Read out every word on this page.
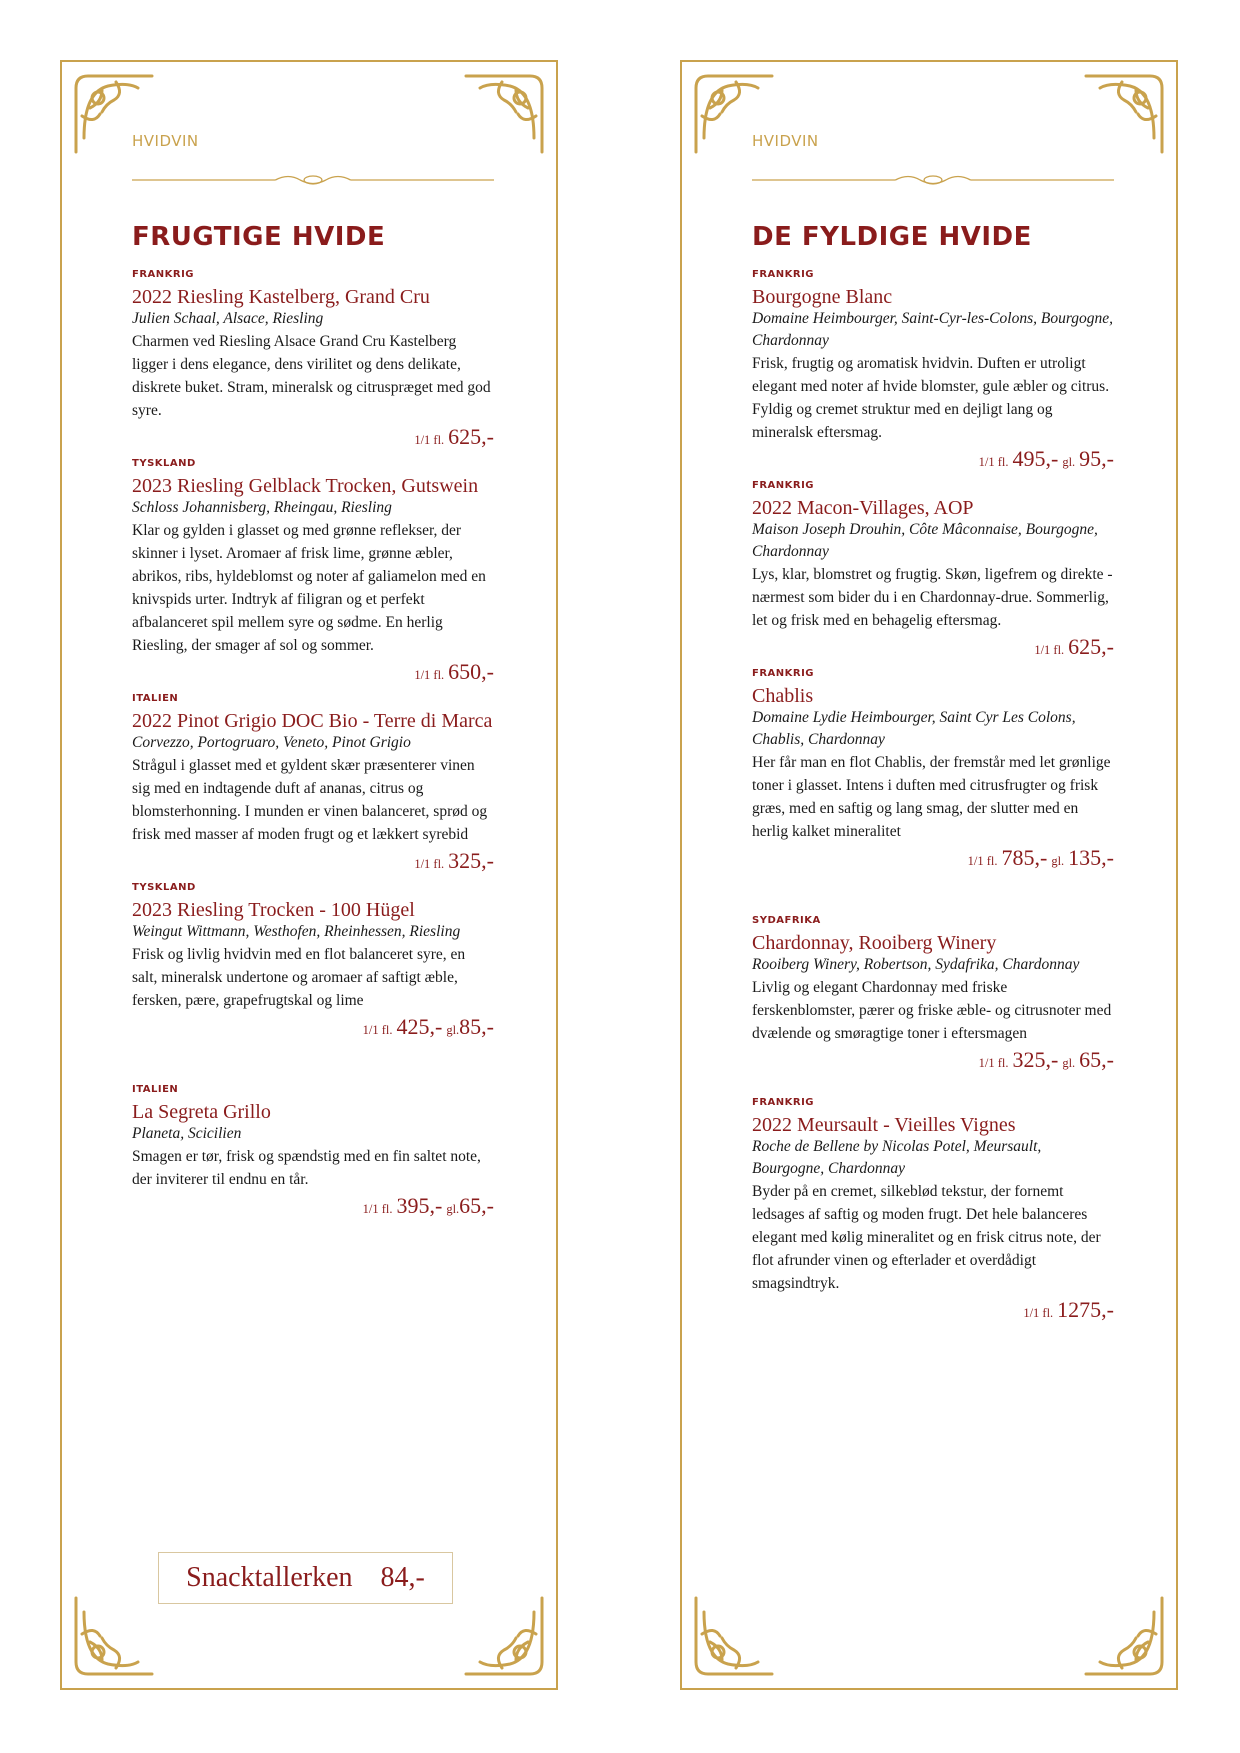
HVIDVIN
FRUGTIGE HVIDE
FRANKRIG
2022 Riesling Kastelberg, Grand Cru
Julien Schaal, Alsace, Riesling
Charmen ved Riesling Alsace Grand Cru Kastelberg ligger i dens elegance, dens virilitet og dens delikate, diskrete buket. Stram, mineralsk og citruspræget med god syre.
1/1 fl. 625,-
TYSKLAND
2023 Riesling Gelblack Trocken, Gutswein
Schloss Johannisberg, Rheingau, Riesling
Klar og gylden i glasset og med grønne reflekser, der skinner i lyset. Aromaer af frisk lime, grønne æbler, abrikos, ribs, hyldeblomst og noter af galiamelon med en knivspids urter. Indtryk af filigran og et perfekt afbalanceret spil mellem syre og sødme. En herlig Riesling, der smager af sol og sommer.
1/1 fl. 650,-
ITALIEN
2022 Pinot Grigio DOC Bio - Terre di Marca
Corvezzo, Portogruaro, Veneto, Pinot Grigio
Strågul i glasset med et gyldent skær præsenterer vinen sig med en indtagende duft af ananas, citrus og blomsterhonning. I munden er vinen balanceret, sprød og frisk med masser af moden frugt og et lækkert syrebid
1/1 fl. 325,-
TYSKLAND
2023 Riesling Trocken - 100 Hügel
Weingut Wittmann, Westhofen, Rheinhessen, Riesling
Frisk og livlig hvidvin med en flot balanceret syre, en salt, mineralsk undertone og aromaer af saftigt æble, fersken, pære, grapefrugtskal og lime
1/1 fl. 425,- gl.85,-
ITALIEN
La Segreta Grillo
Planeta, Scicilien
Smagen er tør, frisk og spændstig med en fin saltet note, der inviterer til endnu en tår.
1/1 fl. 395,- gl.65,-
Snacktallerken 84,-
HVIDVIN
DE FYLDIGE HVIDE
FRANKRIG
Bourgogne Blanc
Domaine Heimbourger, Saint-Cyr-les-Colons, Bourgogne, Chardonnay
Frisk, frugtig og aromatisk hvidvin. Duften er utroligt elegant med noter af hvide blomster, gule æbler og citrus. Fyldig og cremet struktur med en dejligt lang og mineralsk eftersmag.
1/1 fl. 495,- gl. 95,-
FRANKRIG
2022 Macon-Villages, AOP
Maison Joseph Drouhin, Côte Mâconnaise, Bourgogne, Chardonnay
Lys, klar, blomstret og frugtig. Skøn, ligefrem og direkte - nærmest som bider du i en Chardonnay-drue. Sommerlig, let og frisk med en behagelig eftersmag.
1/1 fl. 625,-
FRANKRIG
Chablis
Domaine Lydie Heimbourger, Saint Cyr Les Colons, Chablis, Chardonnay
Her får man en flot Chablis, der fremstår med let grønlige toner i glasset. Intens i duften med citrusfrugter og frisk græs, med en saftig og lang smag, der slutter med en herlig kalket mineralitet
1/1 fl. 785,- gl. 135,-
SYDAFRIKA
Chardonnay, Rooiberg Winery
Rooiberg Winery, Robertson, Sydafrika, Chardonnay
Livlig og elegant Chardonnay med friske ferskenblomster, pærer og friske æble- og citrusnoter med dvælende og smøragtige toner i eftersmagen
1/1 fl. 325,- gl. 65,-
FRANKRIG
2022 Meursault - Vieilles Vignes
Roche de Bellene by Nicolas Potel, Meursault, Bourgogne, Chardonnay
Byder på en cremet, silkeblød tekstur, der fornemt ledsages af saftig og moden frugt. Det hele balanceres elegant med kølig mineralitet og en frisk citrus note, der flot afrunder vinen og efterlader et overdådigt smagsindtryk.
1/1 fl. 1275,-
